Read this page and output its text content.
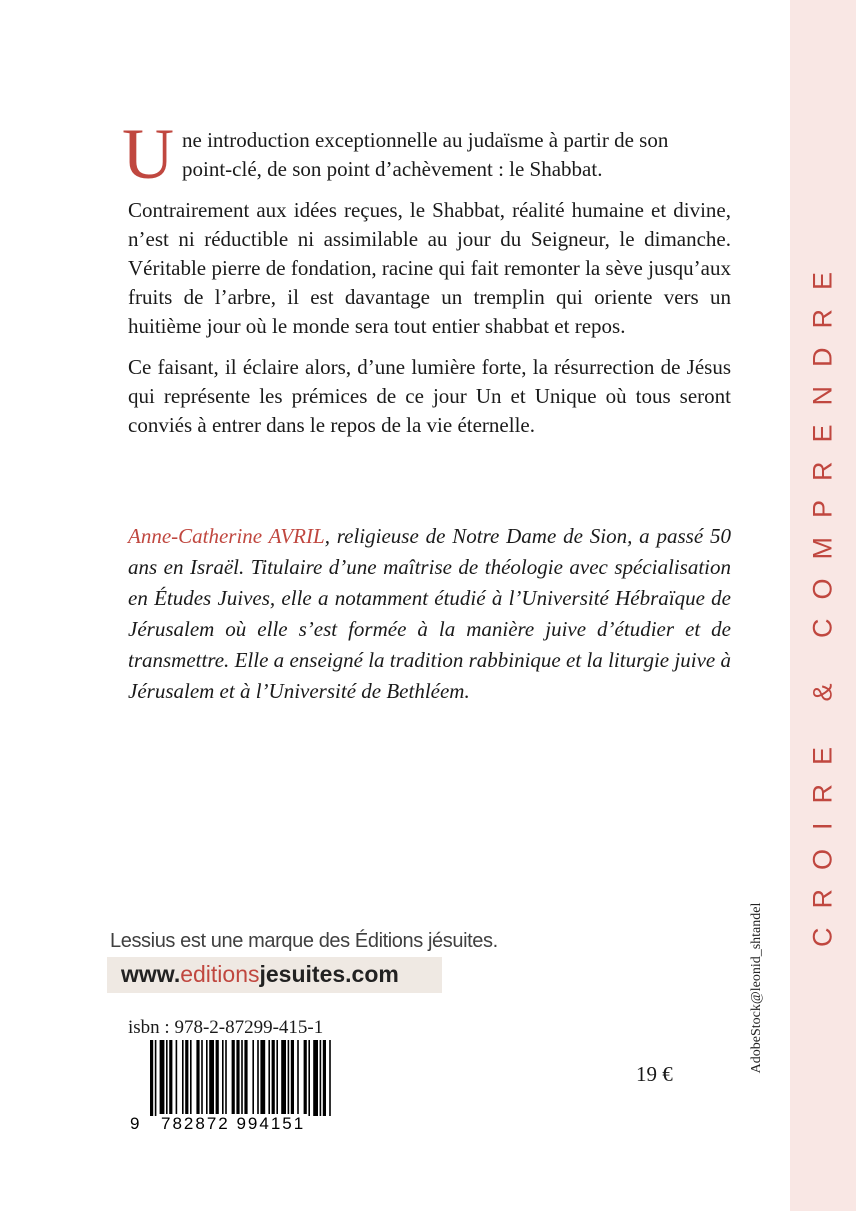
CROIRE & COMPRENDRE

U ne introduction exceptionnelle au judaïsme à partir de son
point-clé, de son point d’achèvement : le Shabbat.

Contrairement aux idées reçues, le Shabbat, réalité humaine et divine, n’est ni réductible ni assimilable au jour du Seigneur, le dimanche. Véritable pierre de fondation, racine qui fait remonter la sève jusqu’aux fruits de l’arbre, il est davantage un tremplin qui oriente vers un huitième jour où le monde sera tout entier shabbat et repos.

Ce faisant, il éclaire alors, d’une lumière forte, la résurrection de Jésus qui représente les prémices de ce jour Un et Unique où tous seront conviés à entrer dans le repos de la vie éternelle.

Anne-Catherine AVRIL, religieuse de Notre Dame de Sion, a passé 50 ans en Israël. Titulaire d’une maîtrise de théologie avec spécialisation en Études Juives, elle a notamment étudié à l’Université Hébraïque de Jérusalem où elle s’est formée à la manière juive d’étudier et de transmettre. Elle a enseigné la tradition rabbinique et la liturgie juive à Jérusalem et à l’Université de Bethléem.
Lessius est une marque des Éditions jésuites.
www.editionsjesuites.com
isbn : 978-2-87299-415-1
9 782872 994151
19 €
AdobeStock@leonid_shtandel
